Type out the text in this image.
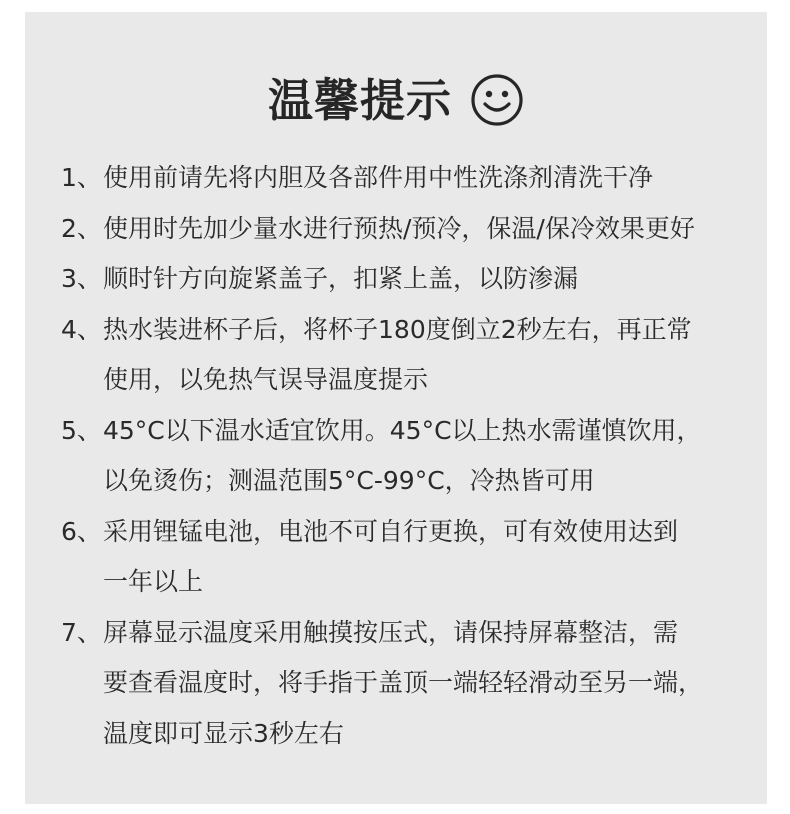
温馨提示
1、 使用前请先将内胆及各部件用中性洗涤剂清洗干净
2、 使用时先加少量水进行预热/预冷，保温/保冷效果更好
3、 顺时针方向旋紧盖子，扣紧上盖，以防渗漏
4、 热水装进杯子后，将杯子180度倒立2秒左右，再正常
使用，以免热气误导温度提示
5、 45°C以下温水适宜饮用。45°C以上热水需谨慎饮用，
以免烫伤；测温范围5°C-99°C，冷热皆可用
6、 采用锂锰电池，电池不可自行更换，可有效使用达到
一年以上
7、 屏幕显示温度采用触摸按压式，请保持屏幕整洁，需
要查看温度时，将手指于盖顶一端轻轻滑动至另一端，
温度即可显示3秒左右
